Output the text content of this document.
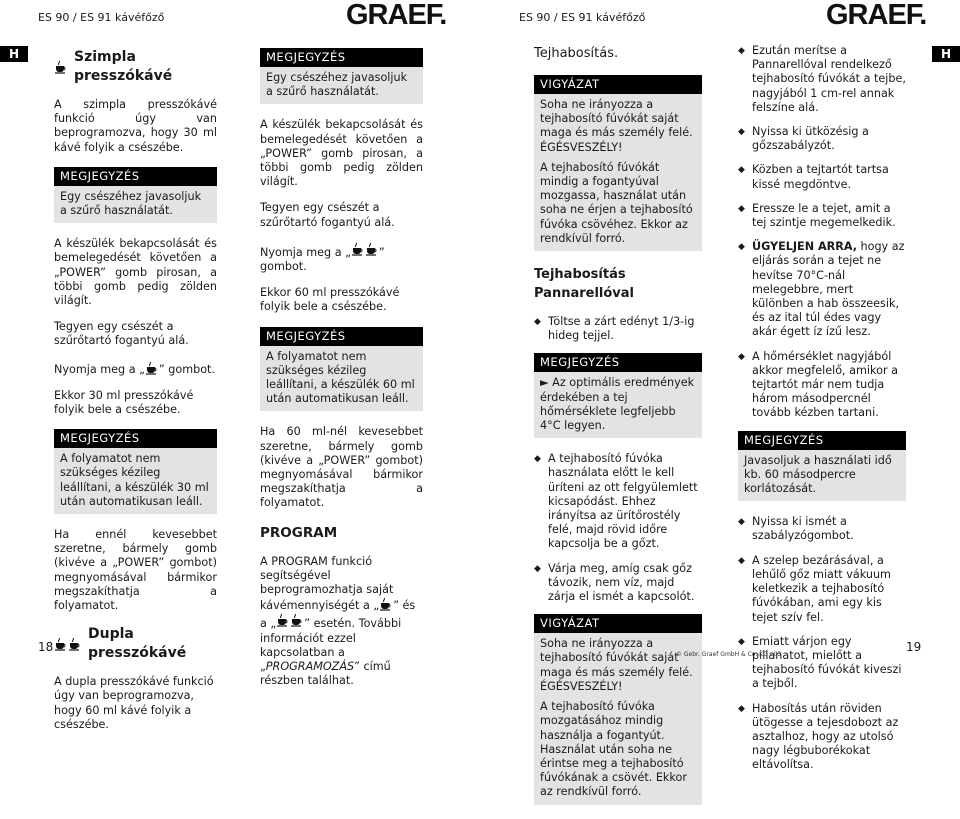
ES 90 / ES 91 kávéfőző	GRAEF.	ES 90 / ES 91 kávéfőző	GRAEF.
H	H
Szimpla presszókávé

A szimpla presszókávé funkció úgy van beprogramozva, hogy 30 ml kávé folyik a csészébe.

MEGJEGYZÉS

Egy csészéhez javasoljuk a szűrő használatát.

A készülék bekapcsolását és bemelegedését követően a „POWER” gomb pirosan, a többi gomb pedig zölden világít.

Tegyen egy csészét a szűrőtartó fogantyú alá.

Nyomja meg a „ ” gombot.

Ekkor 30 ml presszókávé folyik bele a csészébe.

MEGJEGYZÉS

A folyamatot nem szükséges kézileg leállítani, a készülék 30 ml után automatikusan leáll.

Ha ennél kevesebbet szeretne, bármely gomb (kivéve a „POWER” gombot) megnyomásával bármikor megszakíthatja a folyamatot.

Dupla presszókávé

A dupla presszókávé funkció úgy van beprogramozva, hogy 60 ml kávé folyik a csészébe.

MEGJEGYZÉS

Egy csészéhez javasoljuk a szűrő használatát.

A készülék bekapcsolását és bemelegedését követően a „POWER” gomb pirosan, a többi gomb pedig zölden világít.

Tegyen egy csészét a szűrőtartó fogantyú alá.

Nyomja meg a „	” gombot.

Ekkor 60 ml presszókávé folyik bele a csészébe.

MEGJEGYZÉS

A folyamatot nem szükséges kézileg leállítani, a készülék 60 ml után automatikusan leáll.

Ha 60 ml-nél kevesebbet szeretne, bármely gomb (kivéve a „POWER” gombot) megnyomásával bármikor megszakíthatja a folyamatot.

PROGRAM

A PROGRAM funkció segítségével beprogramozhatja saját kávémennyiségét a „ ” és a „	” esetén. További információt ezzel kapcsolatban a „PROGRAMOZÁS” című részben találhat.

Tejhabosítás.
VIGYÁZAT

Soha ne irányozza a tejhabosító fúvókát saját maga és más személy felé. ÉGÉSVESZÉLY!

A tejhabosító fúvókát mindig a fogantyúval mozgassa, használat után soha ne érjen a tejhabosító fúvóka csövéhez. Ekkor az rendkívül forró.

Tejhabosítás Pannarellóval
◆ Töltse a zárt edényt 1/3-ig hideg tejjel.
MEGJEGYZÉS

► Az optimális eredmények érdekében a tej hőmérséklete legfeljebb 4°C legyen.

◆ A tejhabosító fúvóka használata előtt le kell üríteni az ott felgyülemlett kicsapódást. Ehhez irányítsa az ürítőrostély felé, majd rövid időre kapcsolja be a gőzt.
◆ Várja meg, amíg csak gőz távozik, nem víz, majd zárja el ismét a kapcsolót.
VIGYÁZAT

Soha ne irányozza a tejhabosító fúvókát saját maga és más személy felé. ÉGÉSVESZÉLY!

A tejhabosító fúvóka mozgatásához mindig használja a fogantyút. Használat után soha ne érintse meg a tejhabosító fúvókának a csövét. Ekkor az rendkívül forró.

◆ Ezután merítse a Pannarellóval rendelkező tejhabosító fúvókát a tejbe, nagyjából 1 cm-rel annak felszíne alá.
◆ Nyissa ki ütközésig a gőzszabályzót.
◆ Közben a tejtartót tartsa kissé megdöntve.
◆ Eressze le a tejet, amit a tej szintje megemelkedik.
◆ ÜGYELJEN ARRA, hogy az eljárás során a tejet ne hevítse 70°C-nál melegebbre, mert különben a hab összeesik, és az ital túl édes vagy akár égett íz ízű lesz.
◆ A hőmérséklet nagyjából akkor megfelelő, amikor a tejtartót már nem tudja három másodpercnél tovább kézben tartani.
MEGJEGYZÉS

Javasoljuk a használati idő kb. 60 másodpercre korlátozását.

◆ Nyissa ki ismét a szabályzógombot.
◆ A szelep bezárásával, a lehűlő gőz miatt vákuum keletkezik a tejhabosító fúvókában, ami egy kis tejet szív fel.
◆ Emiatt várjon egy pillanatot, mielőtt a tejhabosító fúvókát kiveszi a tejből.
◆ Habosítás után röviden ütögesse a tejesdobozt az asztalhoz, hogy az utolsó nagy légbuborékokat eltávolítsa.
18
© Gebr. Graef GmbH & Co. KG - 03
19
